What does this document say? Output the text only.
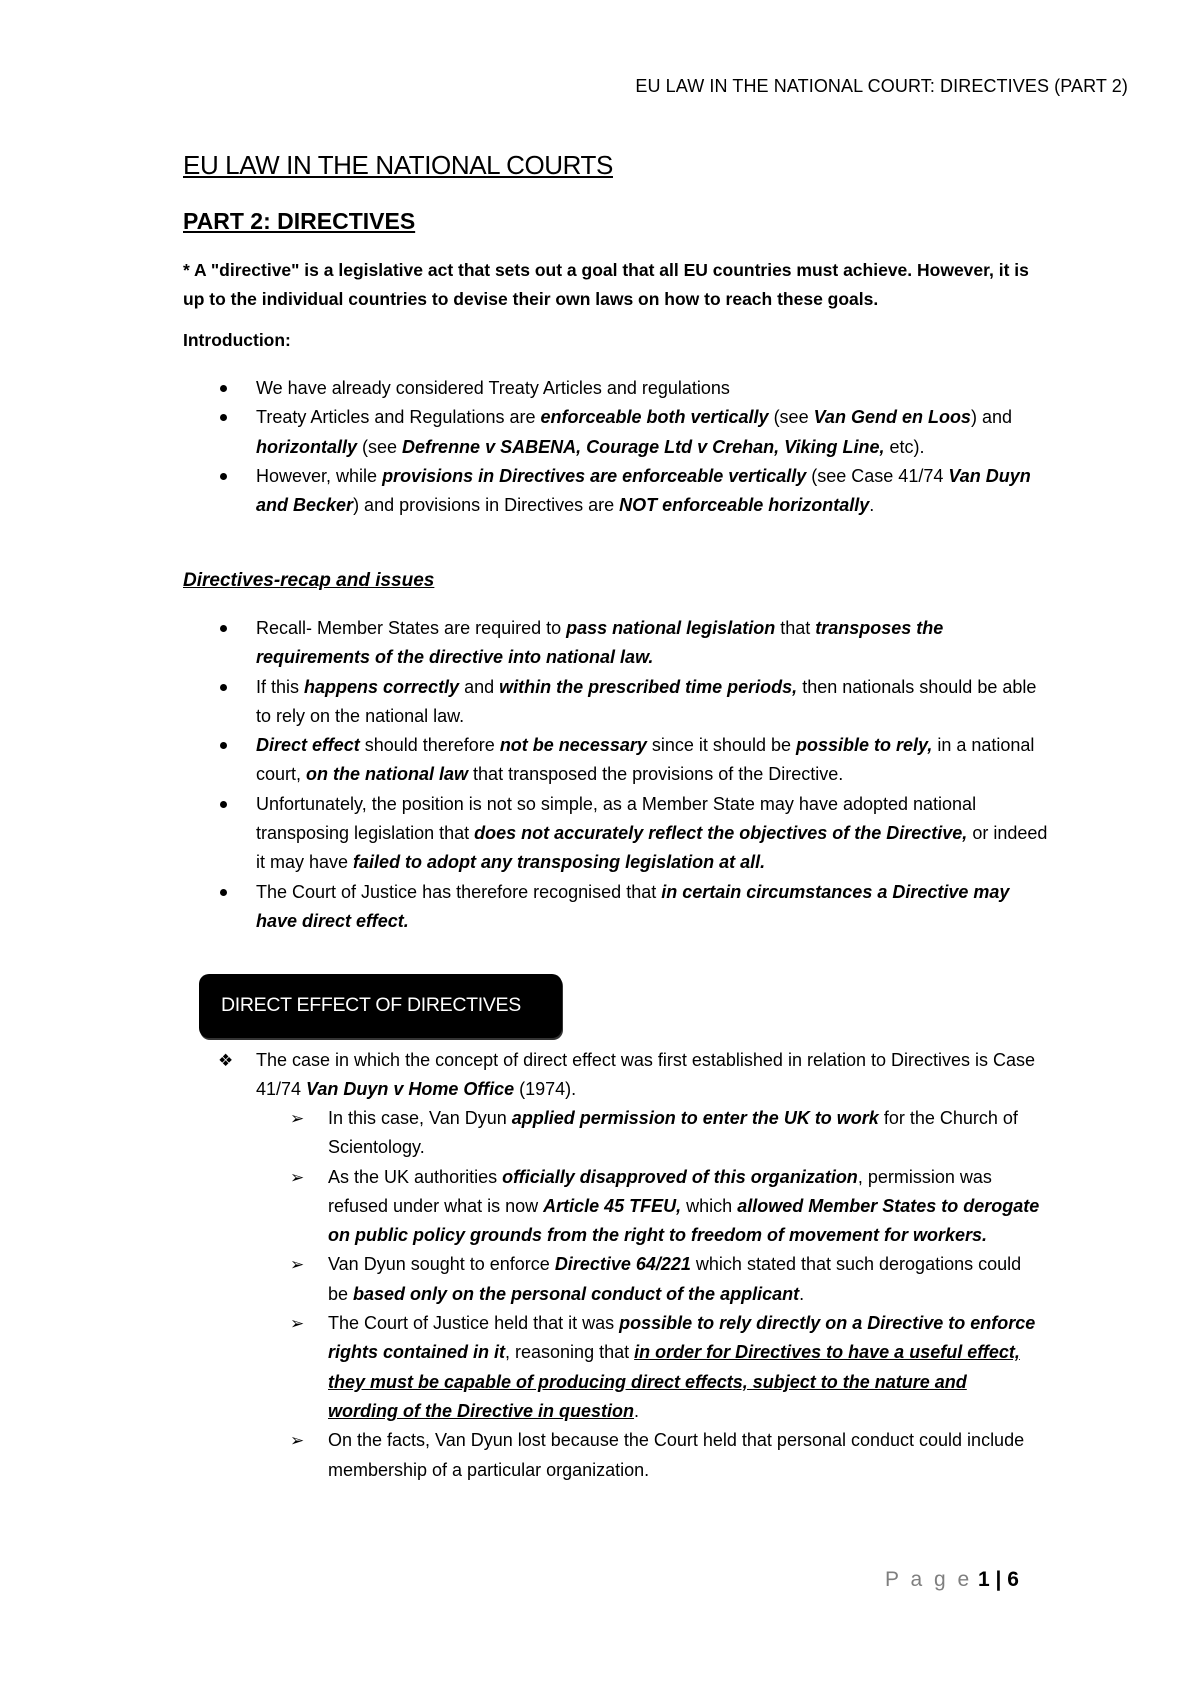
EU LAW IN THE NATIONAL COURT: DIRECTIVES (PART 2)
EU LAW IN THE NATIONAL COURTS
PART 2: DIRECTIVES
* A "directive" is a legislative act that sets out a goal that all EU countries must achieve. However, it is up to the individual countries to devise their own laws on how to reach these goals.
Introduction:
We have already considered Treaty Articles and regulations
Treaty Articles and Regulations are enforceable both vertically (see Van Gend en Loos) and horizontally (see Defrenne v SABENA, Courage Ltd v Crehan, Viking Line, etc).
However, while provisions in Directives are enforceable vertically (see Case 41/74 Van Duyn and Becker) and provisions in Directives are NOT enforceable horizontally.
Directives-recap and issues
Recall- Member States are required to pass national legislation that transposes the requirements of the directive into national law.
If this happens correctly and within the prescribed time periods, then nationals should be able to rely on the national law.
Direct effect should therefore not be necessary since it should be possible to rely, in a national court, on the national law that transposed the provisions of the Directive.
Unfortunately, the position is not so simple, as a Member State may have adopted national transposing legislation that does not accurately reflect the objectives of the Directive, or indeed it may have failed to adopt any transposing legislation at all.
The Court of Justice has therefore recognised that in certain circumstances a Directive may have direct effect.
DIRECT EFFECT OF DIRECTIVES
❖ The case in which the concept of direct effect was first established in relation to Directives is Case 41/74 Van Duyn v Home Office (1974).
➢ In this case, Van Dyun applied permission to enter the UK to work for the Church of Scientology.
➢ As the UK authorities officially disapproved of this organization, permission was refused under what is now Article 45 TFEU, which allowed Member States to derogate on public policy grounds from the right to freedom of movement for workers.
➢ Van Dyun sought to enforce Directive 64/221 which stated that such derogations could be based only on the personal conduct of the applicant.
➢ The Court of Justice held that it was possible to rely directly on a Directive to enforce rights contained in it, reasoning that in order for Directives to have a useful effect, they must be capable of producing direct effects, subject to the nature and wording of the Directive in question.
➢ On the facts, Van Dyun lost because the Court held that personal conduct could include membership of a particular organization.
P a g e 1 | 6
